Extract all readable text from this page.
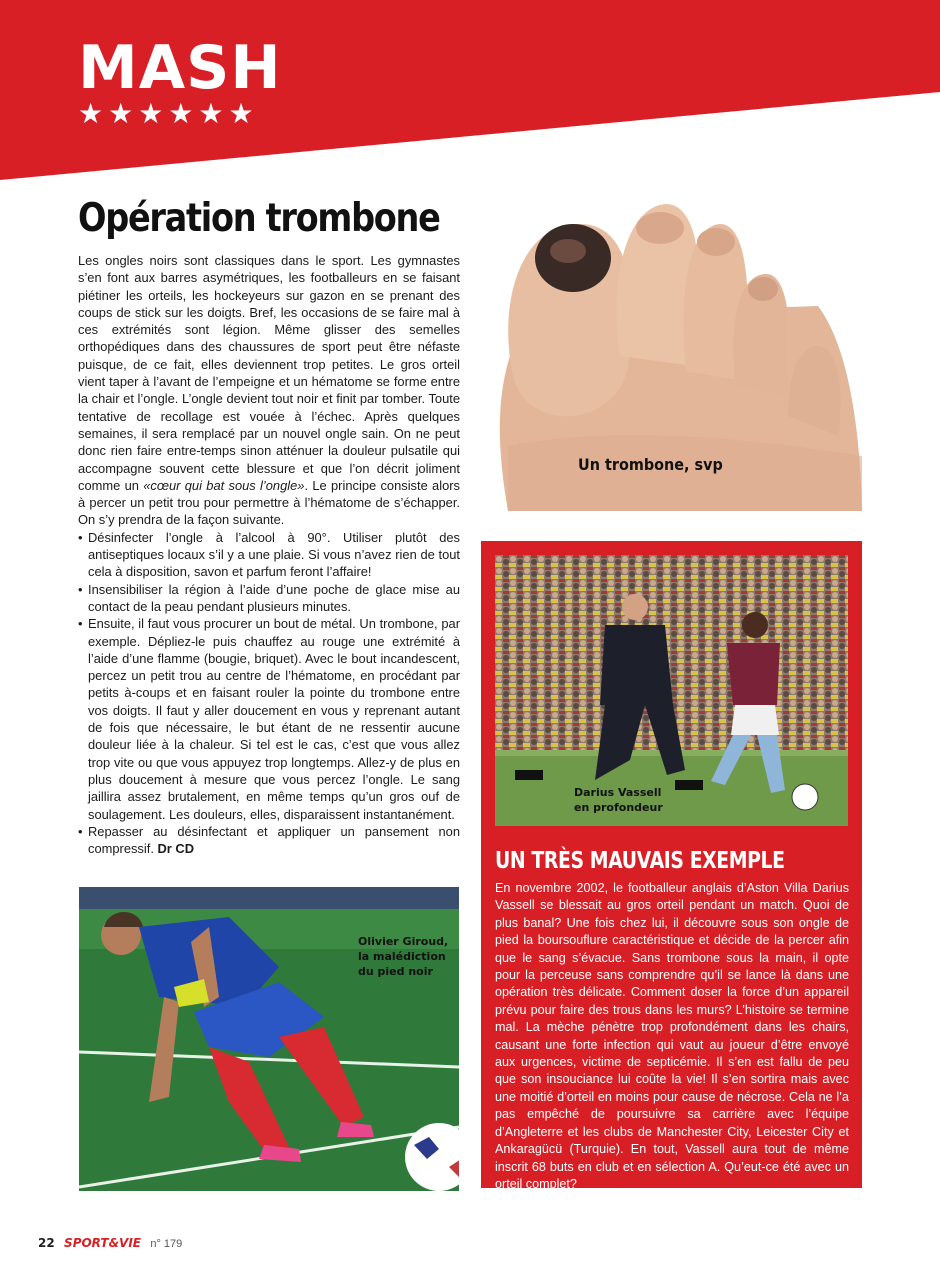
MASH
★★★★★★
Opération trombone

Les ongles noirs sont classiques dans le sport. Les gymnastes s’en font aux barres asymétriques, les footballeurs en se faisant piétiner les orteils, les hockeyeurs sur gazon en se prenant des coups de stick sur les doigts. Bref, les occasions de se faire mal à ces extrémités sont légion. Même glisser des semelles orthopédiques dans des chaussures de sport peut être néfaste puisque, de ce fait, elles deviennent trop petites. Le gros orteil vient taper à l’avant de l’empeigne et un hématome se forme entre la chair et l’ongle. L’ongle devient tout noir et finit par tomber. Toute tentative de recollage est vouée à l’échec. Après quelques semaines, il sera remplacé par un nouvel ongle sain. On ne peut donc rien faire entre-temps sinon atténuer la douleur pulsatile qui accompagne souvent cette blessure et que l’on décrit joliment comme un «cœur qui bat sous l’ongle». Le principe consiste alors à percer un petit trou pour permettre à l’hématome de s’échapper. On s’y prendra de la façon suivante.

• Désinfecter l’ongle à l’alcool à 90°. Utiliser plutôt des antiseptiques locaux s’il y a une plaie. Si vous n’avez rien de tout cela à disposition, savon et parfum feront l’affaire!
• Insensibiliser la région à l’aide d’une poche de glace mise au contact de la peau pendant plusieurs minutes.
• Ensuite, il faut vous procurer un bout de métal. Un trombone, par exemple. Dépliez-le puis chauffez au rouge une extrémité à l’aide d’une flamme (bougie, briquet). Avec le bout incandescent, percez un petit trou au centre de l’hématome, en procédant par petits à-coups et en faisant rouler la pointe du trombone entre vos doigts. Il faut y aller doucement en vous y reprenant autant de fois que nécessaire, le but étant de ne ressentir aucune douleur liée à la chaleur. Si tel est le cas, c’est que vous allez trop vite ou que vous appuyez trop longtemps. Allez-y de plus en plus doucement à mesure que vous percez l’ongle. Le sang jaillira assez brutalement, en même temps qu’un gros ouf de soulagement. Les douleurs, elles, disparaissent instantanément.
• Repasser au désinfectant et appliquer un pansement non compressif. Dr CD
Un trombone, svp
Darius Vassell
en profondeur
UN TRÈS MAUVAIS EXEMPLE

En novembre 2002, le footballeur anglais d’Aston Villa Darius Vassell se blessait au gros orteil pendant un match. Quoi de plus banal? Une fois chez lui, il découvre sous son ongle de pied la boursouflure caractéristique et décide de la percer afin que le sang s’évacue. Sans trombone sous la main, il opte pour la perceuse sans comprendre qu’il se lance là dans une opération très délicate. Comment doser la force d’un appareil prévu pour faire des trous dans les murs? L’histoire se termine mal. La mèche pénètre trop profondément dans les chairs, causant une forte infection qui vaut au joueur d’être envoyé aux urgences, victime de septicémie. Il s’en est fallu de peu que son insouciance lui coûte la vie! Il s’en sortira mais avec une moitié d’orteil en moins pour cause de nécrose. Cela ne l’a pas empêché de poursuivre sa carrière avec l’équipe d’Angleterre et les clubs de Manchester City, Leicester City et Ankaragücü (Turquie). En tout, Vassell aura tout de même inscrit 68 buts en club et en sélection A. Qu’eut-ce été avec un orteil complet?

Olivier Giroud,
la malédiction
du pied noir
22 SPORT&VIE n° 179
